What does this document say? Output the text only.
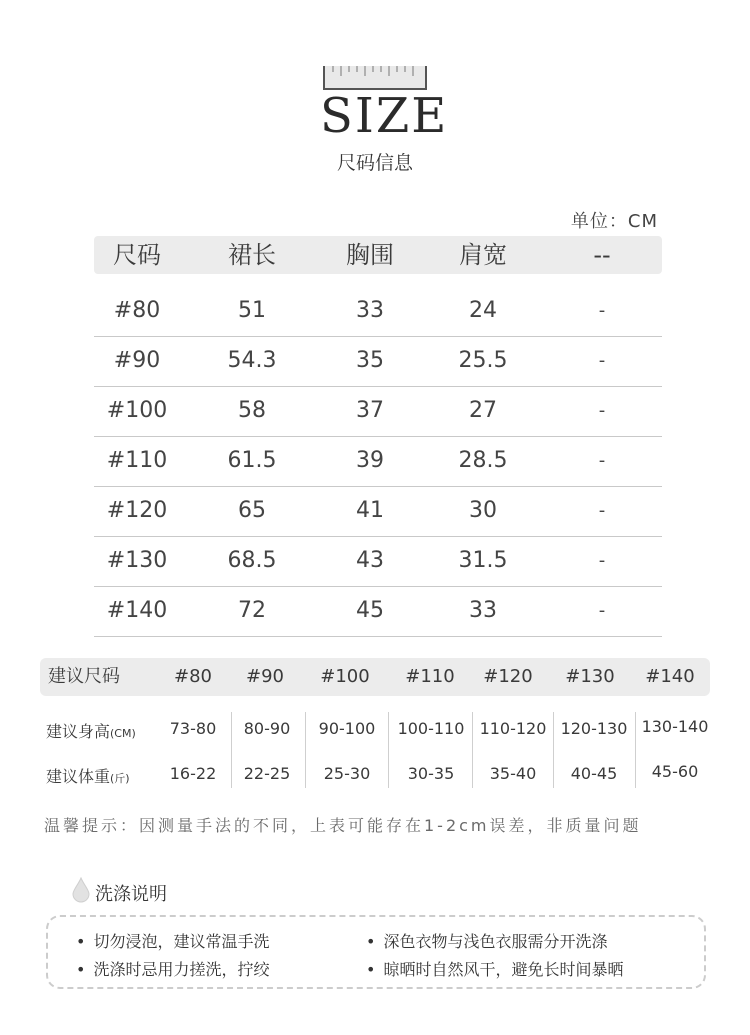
SIZE
尺码信息
单位：CM
尺码	裙长	胸围	肩宽	--
#80	51	33	24	-
#90	54.3	35	25.5	-
#100	58	37	27	-
#110	61.5	39	28.5	-
#120	65	41	30	-
#130	68.5	43	31.5	-
#140	72	45	33	-
建议尺码	#80	#90	#100	#110	#120	#130	#140
建议身高(CM)	73-80	80-90	90-100	100-110 110-120 120-130 130-140
建议体重(斤)	16-22	22-25	25-30	30-35	35-40	40-45	45-60
温馨提示：因测量手法的不同，上表可能存在1-2cm误差，非质量问题
洗涤说明
• 切勿浸泡，建议常温手洗	• 深色衣物与浅色衣服需分开洗涤
• 洗涤时忌用力搓洗，拧绞	• 晾晒时自然风干，避免长时间暴晒
